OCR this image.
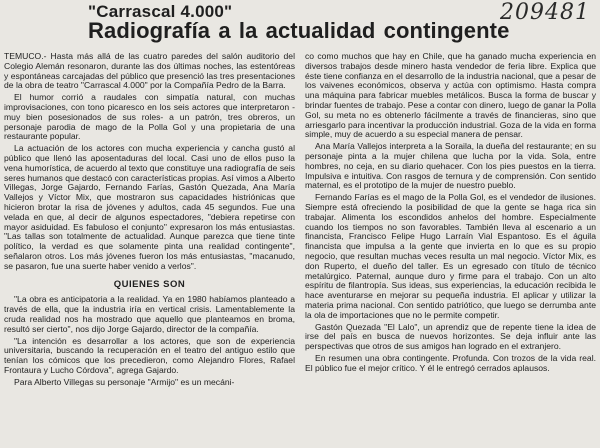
"Carrascal 4.000"
Radiografía a la actualidad contingente
209481

TEMUCO.- Hasta más allá de las cuatro paredes del salón auditorio del Colegio Alemán resonaron, durante las dos últimas noches, las estentóreas y espontáneas carcajadas del público que presenció las tres presentaciones de la obra de teatro "Carrascal 4.000" por la Compañía Pedro de la Barra.

El humor corrió a raudales con simpatía natural, con muchas improvisaciones, con tono picaresco en los seis actores que interpretaron -muy bien posesionados de sus roles- a un patrón, tres obreros, un personaje parodia de mago de la Polla Gol y una propietaria de una restaurante popular.

La actuación de los actores con mucha experiencia y cancha gustó al público que llenó las aposentaduras del local. Casi uno de ellos puso la vena humorística, de acuerdo al texto que constituye una radiografía de seis seres humanos que destacó con características propias. Así vimos a Alberto Villegas, Jorge Gajardo, Fernando Farías, Gastón Quezada, Ana María Vallejos y Víctor Mix, que mostraron sus capacidades histriónicas que hicieron brotar la risa de jóvenes y adultos, cada 45 segundos. Fue una velada en que, al decir de algunos espectadores, "debiera repetirse con mayor asiduidad. Es fabuloso el conjunto" expresaron los más entusiastas. "Las tallas son totalmente de actualidad. Aunque parezca que tiene tinte político, la verdad es que solamente pinta una realidad contingente", señalaron otros. Los más jóvenes fueron los más entusiastas, "macanudo, se pasaron, fue una suerte haber venido a verlos".

QUIENES SON

"La obra es anticipatoria a la realidad. Ya en 1980 habíamos planteado a través de ella, que la industria iría en vertical crisis. Lamentablemente la cruda realidad nos ha mostrado que aquello que planteamos en broma, resultó ser cierto", nos dijo Jorge Gajardo, director de la compañía.

"La intención es desarrollar a los actores, que son de experiencia universitaria, buscando la recuperación en el teatro del antiguo estilo que tenían los cómicos que los precedieron, como Alejandro Flores, Rafael Frontaura y Lucho Córdova", agrega Gajardo.

Para Alberto Villegas su personaje "Armijo" es un mecáni-

co como muchos que hay en Chile, que ha ganado mucha experiencia en diversos trabajos desde minero hasta vendedor de feria libre. Explica que éste tiene confianza en el desarrollo de la industria nacional, que a pesar de los vaivenes económicos, observa y actúa con optimismo. Hasta compra una máquina para fabricar muebles metálicos. Busca la forma de buscar y brindar fuentes de trabajo. Pese a contar con dinero, luego de ganar la Polla Gol, su meta no es obtenerlo fácilmente a través de financieras, sino que arriesgarlo para incentivar la producción industrial. Goza de la vida en forma simple, muy de acuerdo a su especial manera de pensar.

Ana María Vallejos interpreta a la Soraila, la dueña del restaurante; en su personaje pinta a la mujer chilena que lucha por la vida. Sola, entre hombres, no ceja, en su diario quehacer. Con los pies puestos en la tierra. Impulsiva e intuitiva. Con rasgos de ternura y de comprensión. Con sentido maternal, es el prototipo de la mujer de nuestro pueblo.

Fernando Farías es el mago de la Polla Gol, es el vendedor de ilusiones. Siempre está ofreciendo la posibilidad de que la gente se haga rica sin trabajar. Alimenta los escondidos anhelos del hombre. Especialmente cuando los tiempos no son favorables. También lleva al escenario a un financista, Francisco Felipe Hugo Larraín Vial Espantoso. Es el águila financista que impulsa a la gente que invierta en lo que es su propio negocio, que resultan muchas veces resulta un mal negocio. Víctor Mix, es don Ruperto, el dueño del taller. Es un egresado con título de técnico metalúrgico. Paternal, aunque duro y firme para el trabajo. Con un alto espíritu de filantropía. Sus ideas, sus experiencias, la educación recibida le hace aventurarse en mejorar su pequeña industria. El aplicar y utilizar la materia prima nacional. Con sentido patriótico, que luego se derrumba ante la ola de importaciones que no le permite competir.

Gastón Quezada "El Lalo", un aprendiz que de repente tiene la idea de irse del país en busca de nuevos horizontes. Se deja influir ante las perspectivas que otros de sus amigos han logrado en el extranjero.

En resumen una obra contingente. Profunda. Con trozos de la vida real. El público fue el mejor crítico. Y él le entregó cerrados aplausos.
